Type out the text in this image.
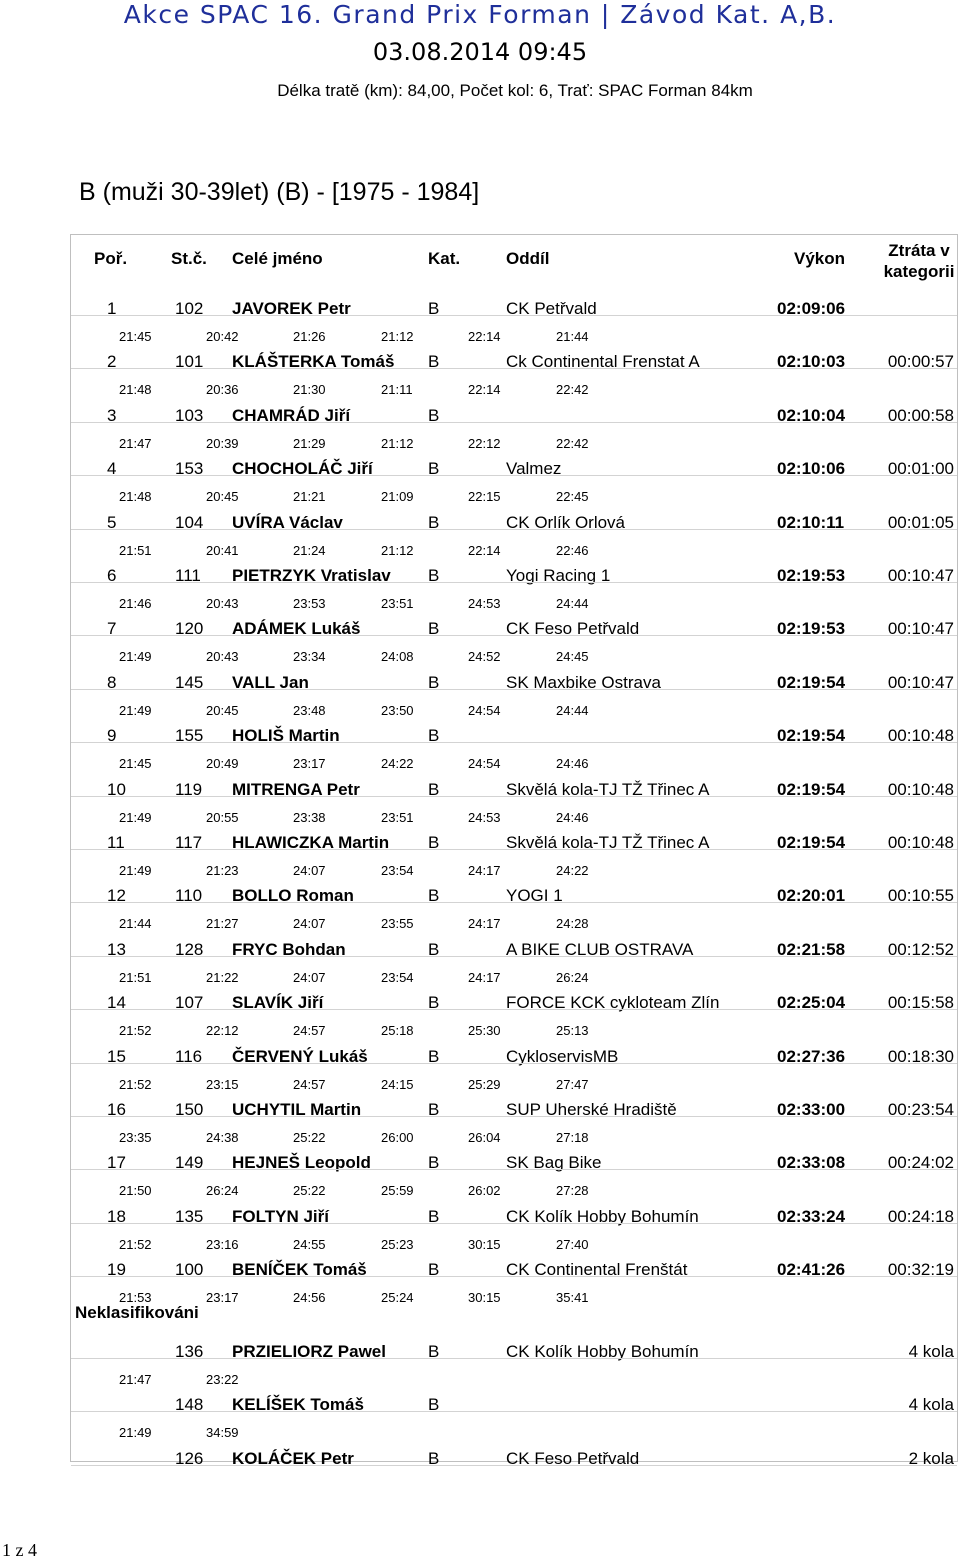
Akce SPAC 16. Grand Prix Forman | Závod Kat. A,B.
03.08.2014 09:45
Délka tratě (km): 84,00, Počet kol: 6, Trať: SPAC Forman 84km
B (muži 30-39let) (B) - [1975 - 1984]
Poř.	St.č. Celé jméno	Kat.	Oddíl	Výkon	Ztráta v
kategorii
1	102 JAVOREK Petr	B	CK Petřvald	02:09:06
21:45	20:42	21:26	21:12	22:14	21:44
2	101 KLÁŠTERKA Tomáš B	Ck Continental Frenstat A	02:10:03	00:00:57
21:48	20:36	21:30	21:11	22:14	22:42
3	103 CHAMRÁD Jiří	B	02:10:04	00:00:58
21:47	20:39	21:29	21:12	22:12	22:42
4	153 CHOCHOLÁČ Jiří	B	Valmez	02:10:06	00:01:00
21:48	20:45	21:21	21:09	22:15	22:45
5	104 UVÍRA Václav	B	CK Orlík Orlová	02:10:11	00:01:05
21:51	20:41	21:24	21:12	22:14	22:46
6	111 PIETRZYK Vratislav B	Yogi Racing 1	02:19:53	00:10:47
21:46	20:43	23:53	23:51	24:53	24:44
7	120 ADÁMEK Lukáš	B	CK Feso Petřvald	02:19:53	00:10:47
21:49	20:43	23:34	24:08	24:52	24:45
8	145 VALL Jan	B	SK Maxbike Ostrava	02:19:54	00:10:47
21:49	20:45	23:48	23:50	24:54	24:44
9	155 HOLIŠ Martin	B	02:19:54	00:10:48
21:45	20:49	23:17	24:22	24:54	24:46
10	119 MITRENGA Petr	B	Skvělá kola-TJ TŽ Třinec A	02:19:54	00:10:48
21:49	20:55	23:38	23:51	24:53	24:46
11	117 HLAWICZKA Martin B	Skvělá kola-TJ TŽ Třinec A	02:19:54	00:10:48
21:49	21:23	24:07	23:54	24:17	24:22
12	110 BOLLO Roman	B	YOGI 1	02:20:01	00:10:55
21:44	21:27	24:07	23:55	24:17	24:28
13	128 FRYC Bohdan	B	A BIKE CLUB OSTRAVA	02:21:58	00:12:52
21:51	21:22	24:07	23:54	24:17	26:24
14	107 SLAVÍK Jiří	B	FORCE KCK cykloteam Zlín	02:25:04	00:15:58
21:52	22:12	24:57	25:18	25:30	25:13
15	116 ČERVENÝ Lukáš	B	CykloservisMB	02:27:36	00:18:30
21:52	23:15	24:57	24:15	25:29	27:47
16	150 UCHYTIL Martin	B	SUP Uherské Hradiště	02:33:00	00:23:54
23:35	24:38	25:22	26:00	26:04	27:18
17	149 HEJNEŠ Leopold	B	SK Bag Bike	02:33:08	00:24:02
21:50	26:24	25:22	25:59	26:02	27:28
18	135 FOLTYN Jiří	B	CK Kolík Hobby Bohumín	02:33:24	00:24:18
21:52	23:16	24:55	25:23	30:15	27:40
19	100 BENÍČEK Tomáš	B	CK Continental Frenštát	02:41:26	00:32:19
21:53	23:17	24:56	25:24	30:15	35:41
Neklasifikováni
136 PRZIELIORZ Pawel B	CK Kolík Hobby Bohumín	4 kola
21:47	23:22
148 KELÍŠEK Tomáš	B	4 kola
21:49	34:59
126 KOLÁČEK Petr	B	CK Feso Petřvald	2 kola
1 z 4
